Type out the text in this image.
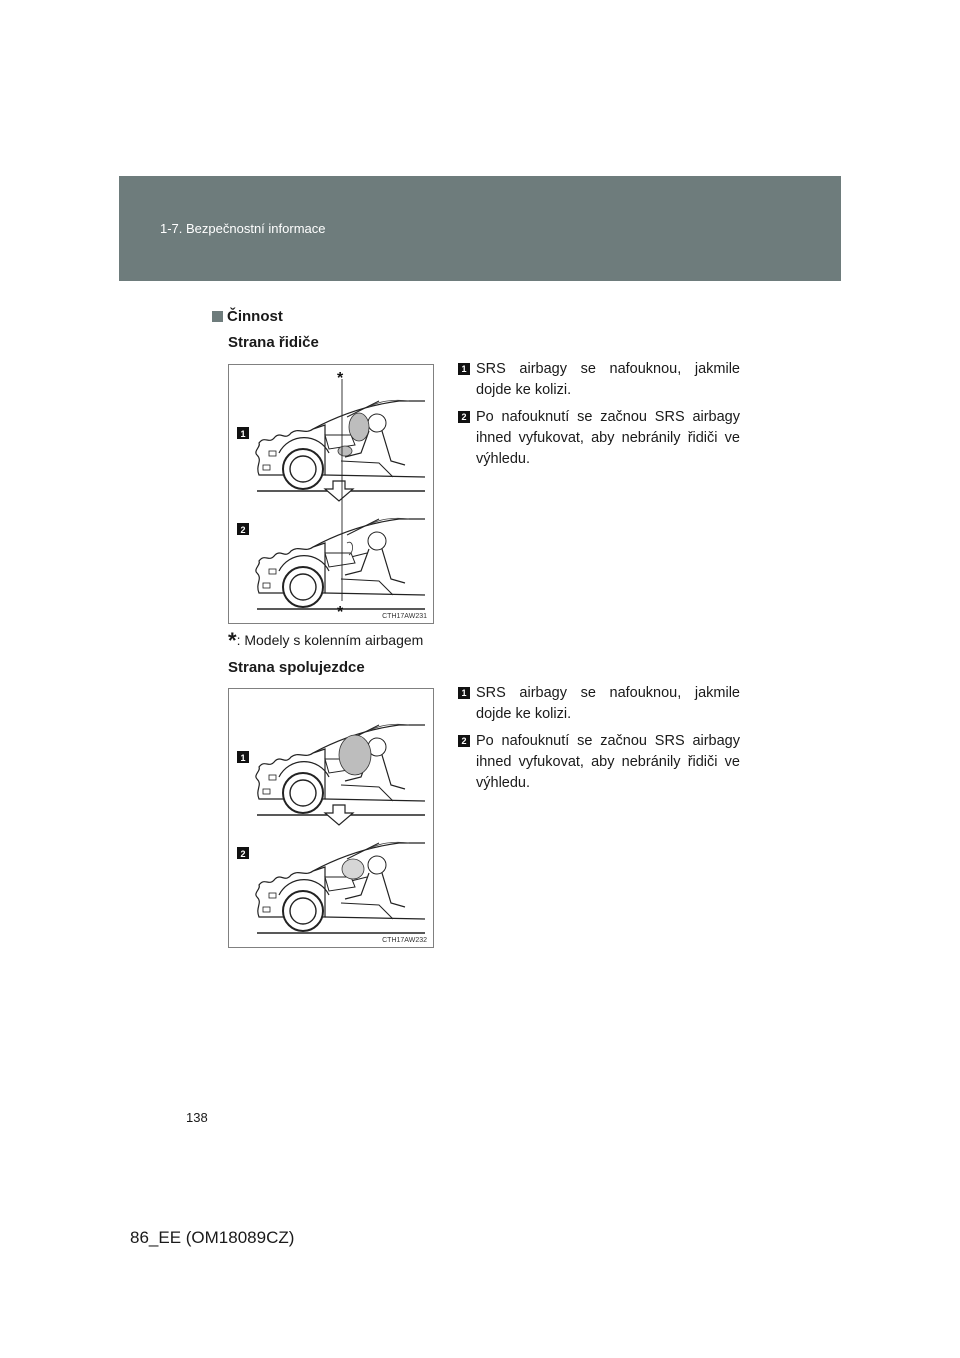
1-7. Bezpečnostní informace
Činnost
Strana řidiče
*
*
1
2
CTH17AW231
*: Modely s kolenním airbagem
1 SRS airbagy se nafouknou, jakmile dojde ke kolizi.
2 Po nafouknutí se začnou SRS airbagy ihned vyfukovat, aby nebránily řidiči ve výhledu.
Strana spolujezdce
1
2
CTH17AW232
1 SRS airbagy se nafouknou, jakmile dojde ke kolizi.
2 Po nafouknutí se začnou SRS airbagy ihned vyfukovat, aby nebránily řidiči ve výhledu.
138
86_EE (OM18089CZ)
